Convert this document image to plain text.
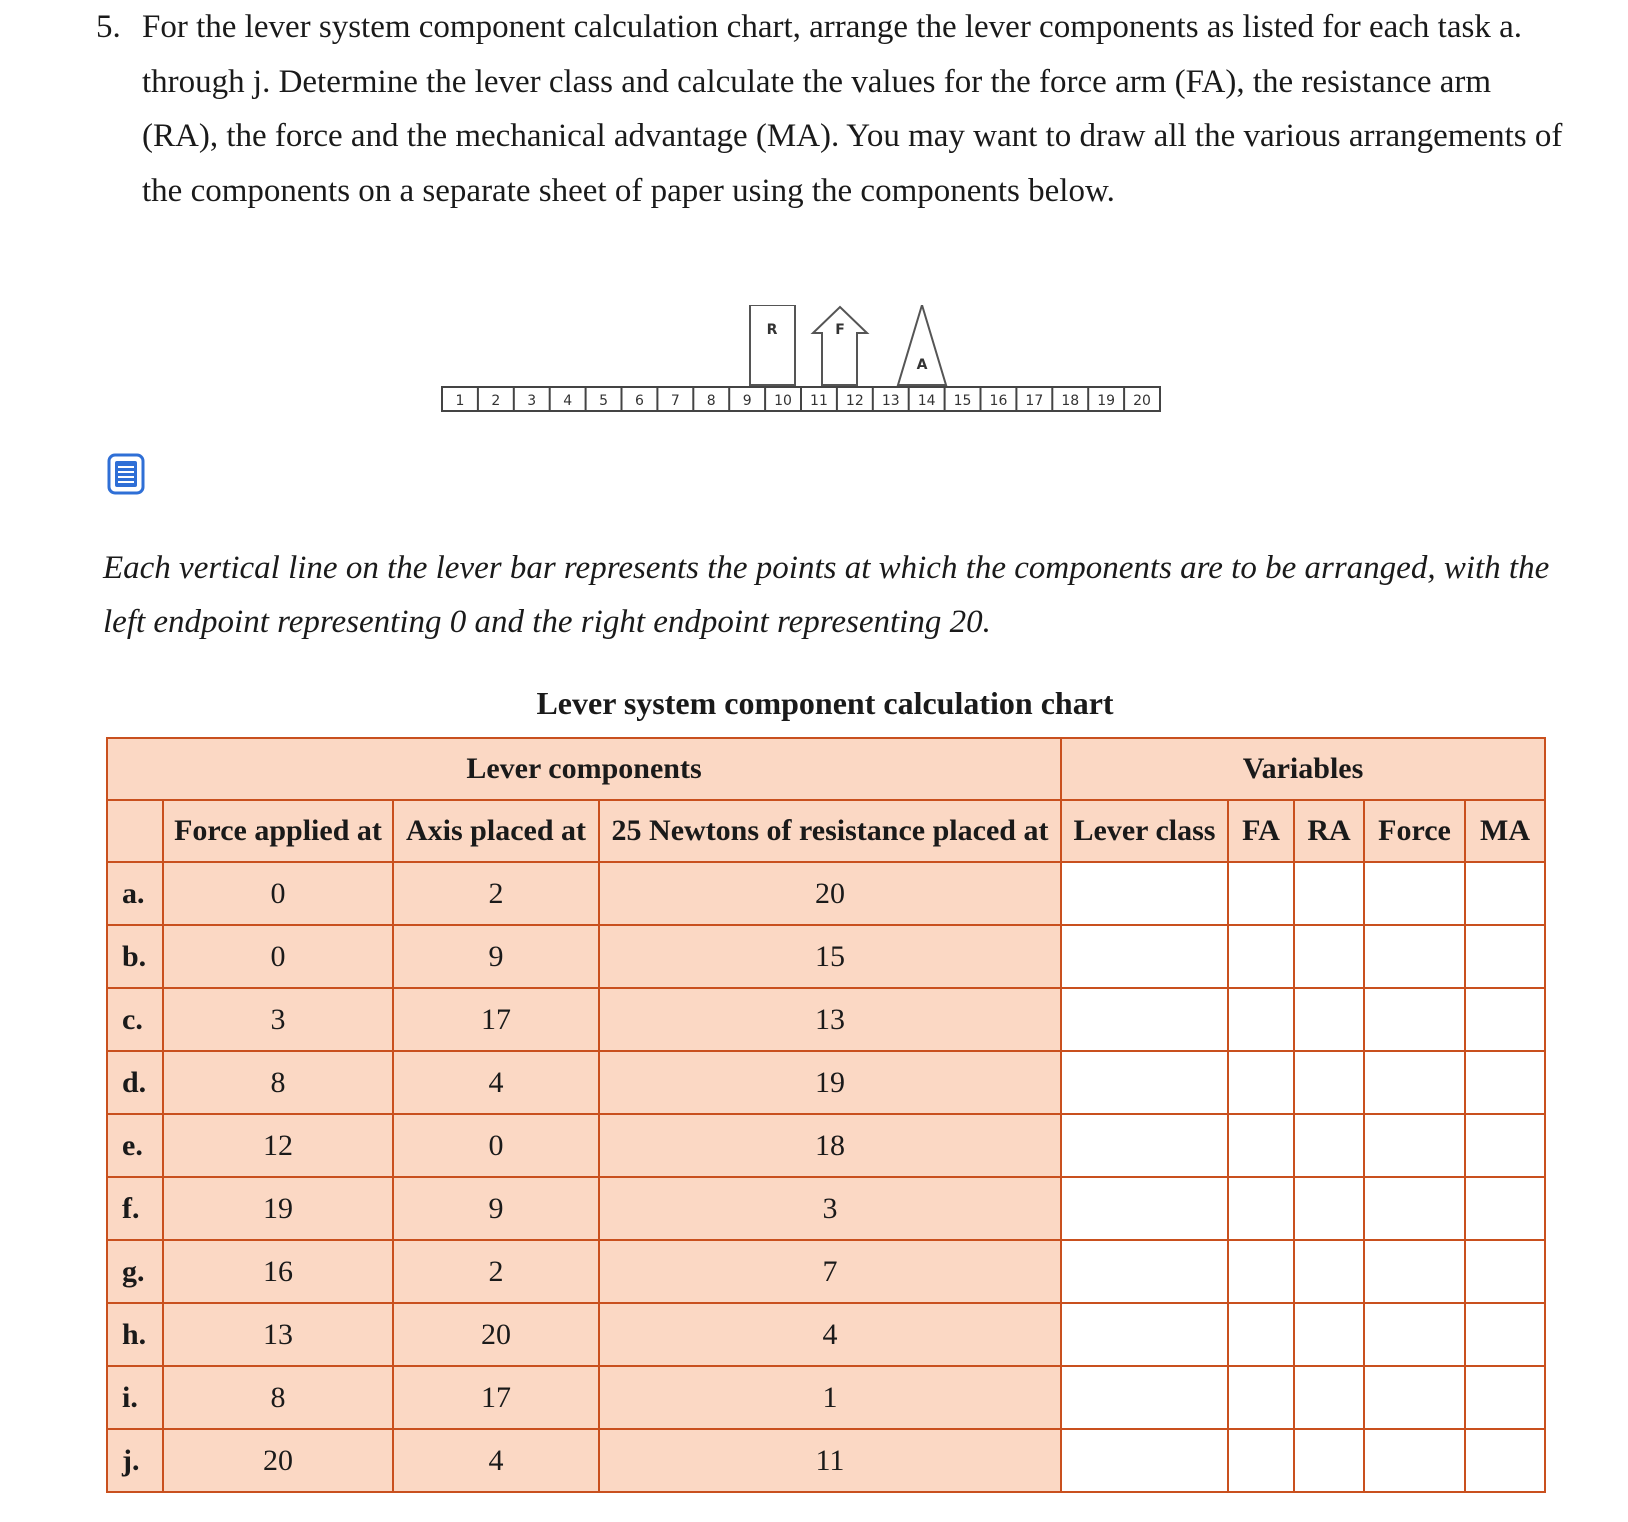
5. For the lever system component calculation chart, arrange the lever components as listed for each task a. through j. Determine the lever class and calculate the values for the force arm (FA), the resistance arm (RA), the force and the mechanical advantage (MA). You may want to draw all the various arrangements of the components on a separate sheet of paper using the components below.
R	F
A
1 2 3 4 5 6 7 8 9 10 11 12 13 14 15 16 17 18 19 20
Each vertical line on the lever bar represents the points at which the components are to be arranged, with the left endpoint representing 0 and the right endpoint representing 20.
Lever system component calculation chart
Lever components				Variables				
	Force applied at	Axis placed at	25 Newtons of resistance placed at	Lever class	FA	RA	Force	MA
a.	0	2	20					
b.	0	9	15					
c.	3	17	13					
d.	8	4	19					
e.	12	0	18					
f.	19	9	3					
g.	16	2	7					
h.	13	20	4					
i.	8	17	1					
j.	20	4	11					
